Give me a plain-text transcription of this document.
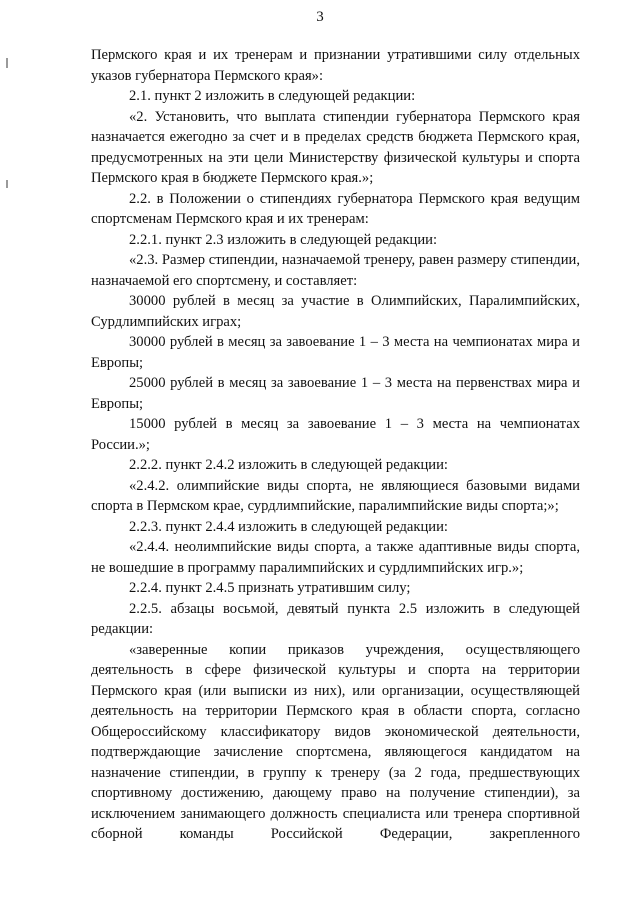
3

Пермского края и их тренерам и признании утратившими силу отдельных указов губернатора Пермского края»:

2.1. пункт 2 изложить в следующей редакции:

«2. Установить, что выплата стипендии губернатора Пермского края назначается ежегодно за счет и в пределах средств бюджета Пермского края, предусмотренных на эти цели Министерству физической культуры и спорта Пермского края в бюджете Пермского края.»;

2.2. в Положении о стипендиях губернатора Пермского края ведущим спортсменам Пермского края и их тренерам:

2.2.1. пункт 2.3 изложить в следующей редакции:

«2.3. Размер стипендии, назначаемой тренеру, равен размеру стипендии, назначаемой его спортсмену, и составляет:

30000 рублей в месяц за участие в Олимпийских, Паралимпийских, Сурдлимпийских играх;

30000 рублей в месяц за завоевание 1 – 3 места на чемпионатах мира и Европы;

25000 рублей в месяц за завоевание 1 – 3 места на первенствах мира и Европы;

15000 рублей в месяц за завоевание 1 – 3 места на чемпионатах России.»;

2.2.2. пункт 2.4.2 изложить в следующей редакции:

«2.4.2. олимпийские виды спорта, не являющиеся базовыми видами спорта в Пермском крае, сурдлимпийские, паралимпийские виды спорта;»;

2.2.3. пункт 2.4.4 изложить в следующей редакции:

«2.4.4. неолимпийские виды спорта, а также адаптивные виды спорта, не вошедшие в программу паралимпийских и сурдлимпийских игр.»;

2.2.4. пункт 2.4.5 признать утратившим силу;

2.2.5. абзацы восьмой, девятый пункта 2.5 изложить в следующей редакции:

«заверенные копии приказов учреждения, осуществляющего деятельность в сфере физической культуры и спорта на территории Пермского края (или выписки из них), или организации, осуществляющей деятельность на территории Пермского края в области спорта, согласно Общероссийскому классификатору видов экономической деятельности, подтверждающие зачисление спортсмена, являющегося кандидатом на назначение стипендии, в группу к тренеру (за 2 года, предшествующих спортивному достижению, дающему право на получение стипендии), за исключением занимающего должность специалиста или тренера спортивной сборной команды Российской Федерации, закрепленного
